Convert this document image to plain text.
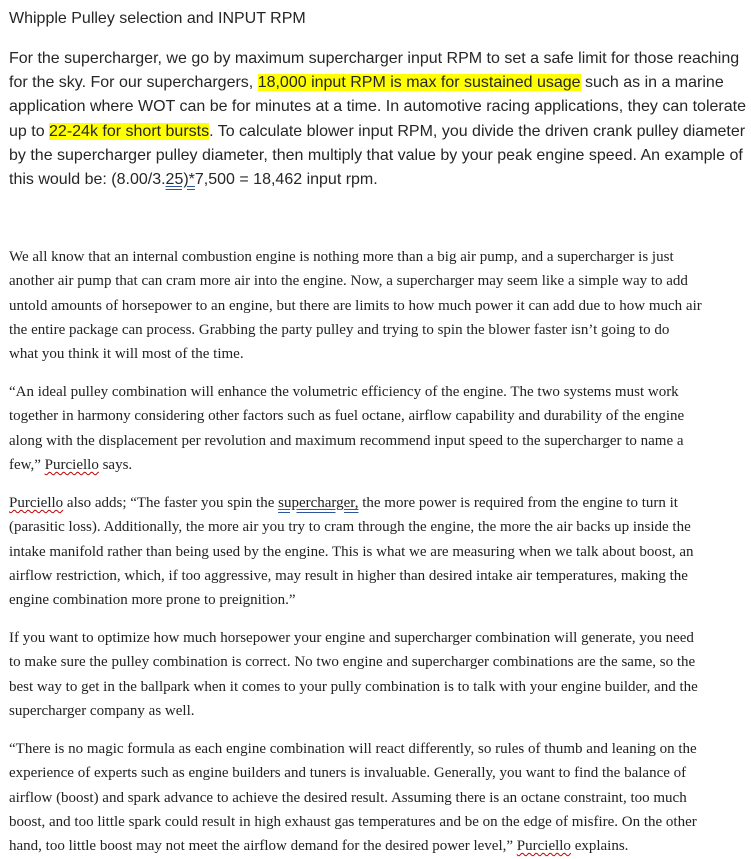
Whipple Pulley selection and INPUT RPM
For the supercharger, we go by maximum supercharger input RPM to set a safe limit for those reaching
for the sky. For our superchargers, 18,000 input RPM is max for sustained usage such as in a marine
application where WOT can be for minutes at a time. In automotive racing applications, they can tolerate
up to 22-24k for short bursts. To calculate blower input RPM, you divide the driven crank pulley diameter
by the supercharger pulley diameter, then multiply that value by your peak engine speed. An example of
this would be: (8.00/3.25)*7,500 = 18,462 input rpm.
We all know that an internal combustion engine is nothing more than a big air pump, and a supercharger is just
another air pump that can cram more air into the engine. Now, a supercharger may seem like a simple way to add
untold amounts of horsepower to an engine, but there are limits to how much power it can add due to how much air
the entire package can process. Grabbing the party pulley and trying to spin the blower faster isn’t going to do
what you think it will most of the time.
“An ideal pulley combination will enhance the volumetric efficiency of the engine. The two systems must work
together in harmony considering other factors such as fuel octane, airflow capability and durability of the engine
along with the displacement per revolution and maximum recommend input speed to the supercharger to name a
few,” Purciello says.
Purciello also adds; “The faster you spin the supercharger, the more power is required from the engine to turn it
(parasitic loss). Additionally, the more air you try to cram through the engine, the more the air backs up inside the
intake manifold rather than being used by the engine. This is what we are measuring when we talk about boost, an
airflow restriction, which, if too aggressive, may result in higher than desired intake air temperatures, making the
engine combination more prone to preignition.”
If you want to optimize how much horsepower your engine and supercharger combination will generate, you need
to make sure the pulley combination is correct. No two engine and supercharger combinations are the same, so the
best way to get in the ballpark when it comes to your pully combination is to talk with your engine builder, and the
supercharger company as well.
“There is no magic formula as each engine combination will react differently, so rules of thumb and leaning on the
experience of experts such as engine builders and tuners is invaluable. Generally, you want to find the balance of
airflow (boost) and spark advance to achieve the desired result. Assuming there is an octane constraint, too much
boost, and too little spark could result in high exhaust gas temperatures and be on the edge of misfire. On the other
hand, too little boost may not meet the airflow demand for the desired power level,” Purciello explains.
